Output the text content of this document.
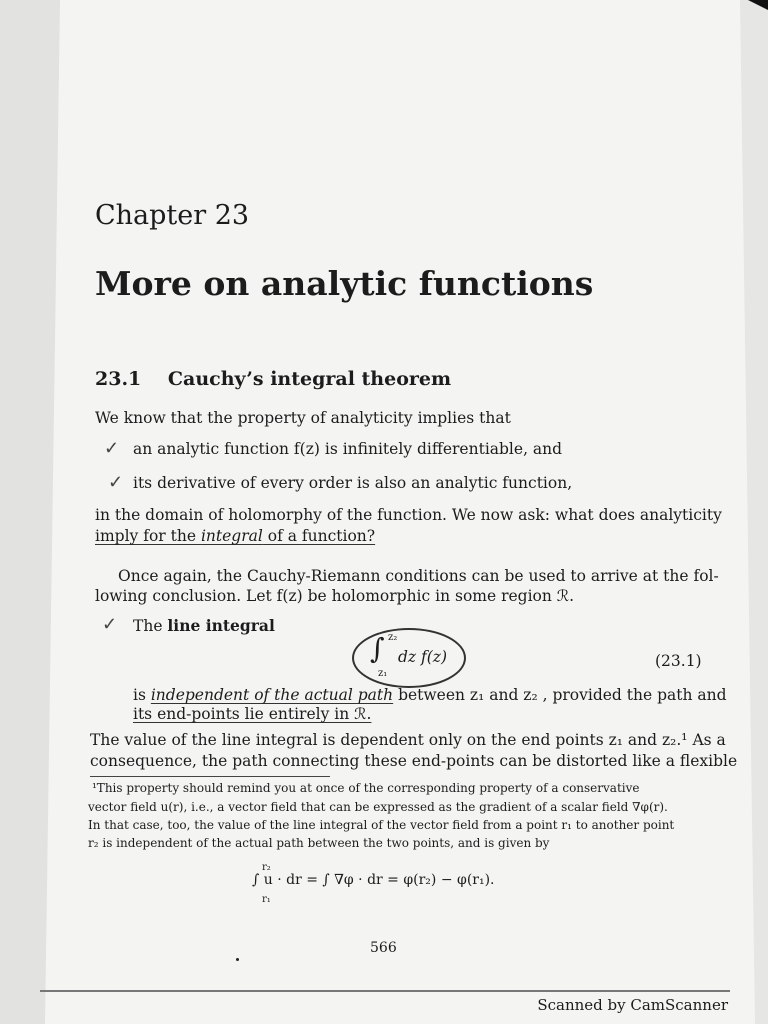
Chapter 23
More on analytic functions
23.1 Cauchy’s integral theorem
We know that the property of analyticity implies that
✓ an analytic function f(z) is infinitely differentiable, and
✓ its derivative of every order is also an analytic function,
in the domain of holomorphy of the function. We now ask: what does analyticity
imply for the integral of a function?
Once again, the Cauchy-Riemann conditions can be used to arrive at the fol-
lowing conclusion. Let f(z) be holomorphic in some region ℛ.
✓ The line integral
∫ z₂
z₁
dz f(z)	(23.1)
is independent of the actual path between z₁ and z₂ , provided the path and
its end-points lie entirely in ℛ.
The value of the line integral is dependent only on the end points z₁ and z₂.¹ As a
consequence, the path connecting these end-points can be distorted like a flexible
¹This property should remind you at once of the corresponding property of a conservative
vector field u(r), i.e., a vector field that can be expressed as the gradient of a scalar field ∇φ(r).
In that case, too, the value of the line integral of the vector field from a point r₁ to another point
r₂ is independent of the actual path between the two points, and is given by
r₂
r₁
∫ u · dr = ∫ ∇φ · dr = φ(r₂) − φ(r₁).
566
Scanned by CamScanner
